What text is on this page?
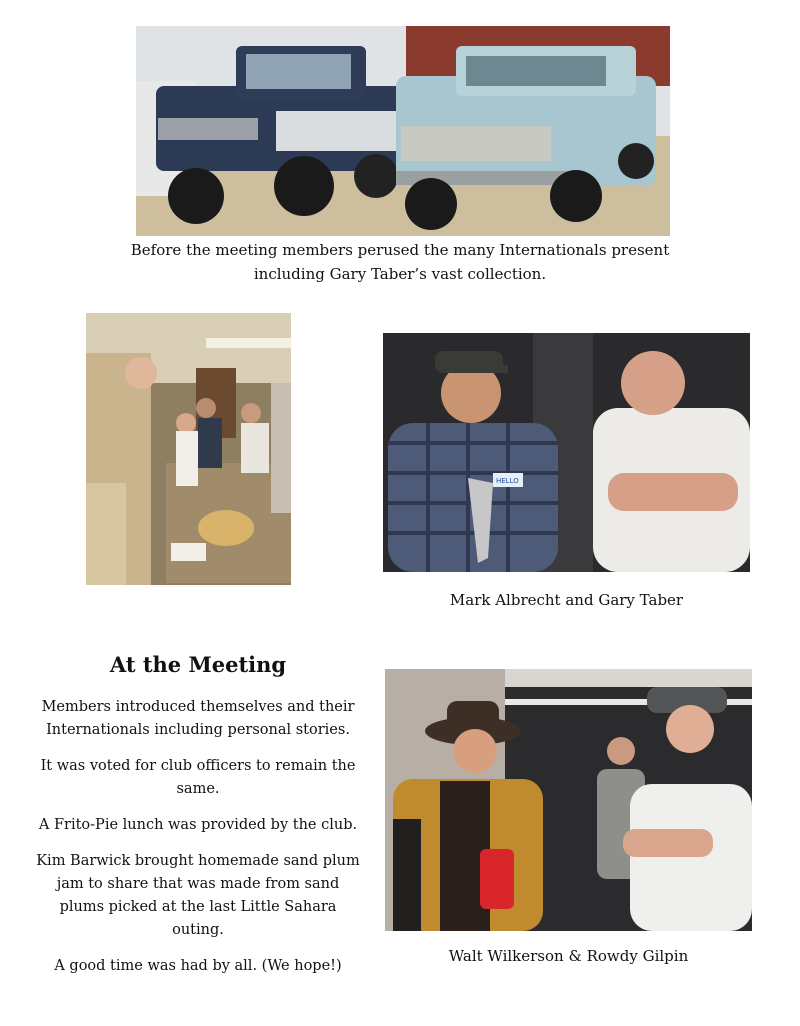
Before the meeting members perused the many Internationals present including Gary Taber’s vast collection.
HELLO
Mark Albrecht and Gary Taber
At the Meeting

Members introduced themselves and their Internationals including personal stories.

It was voted for club officers to remain the same.

A Frito-Pie lunch was provided by the club.

Kim Barwick brought homemade sand plum jam to share that was made from sand plums picked at the last Little Sahara outing.

A good time was had by all. (We hope!)

Walt Wilkerson & Rowdy Gilpin
